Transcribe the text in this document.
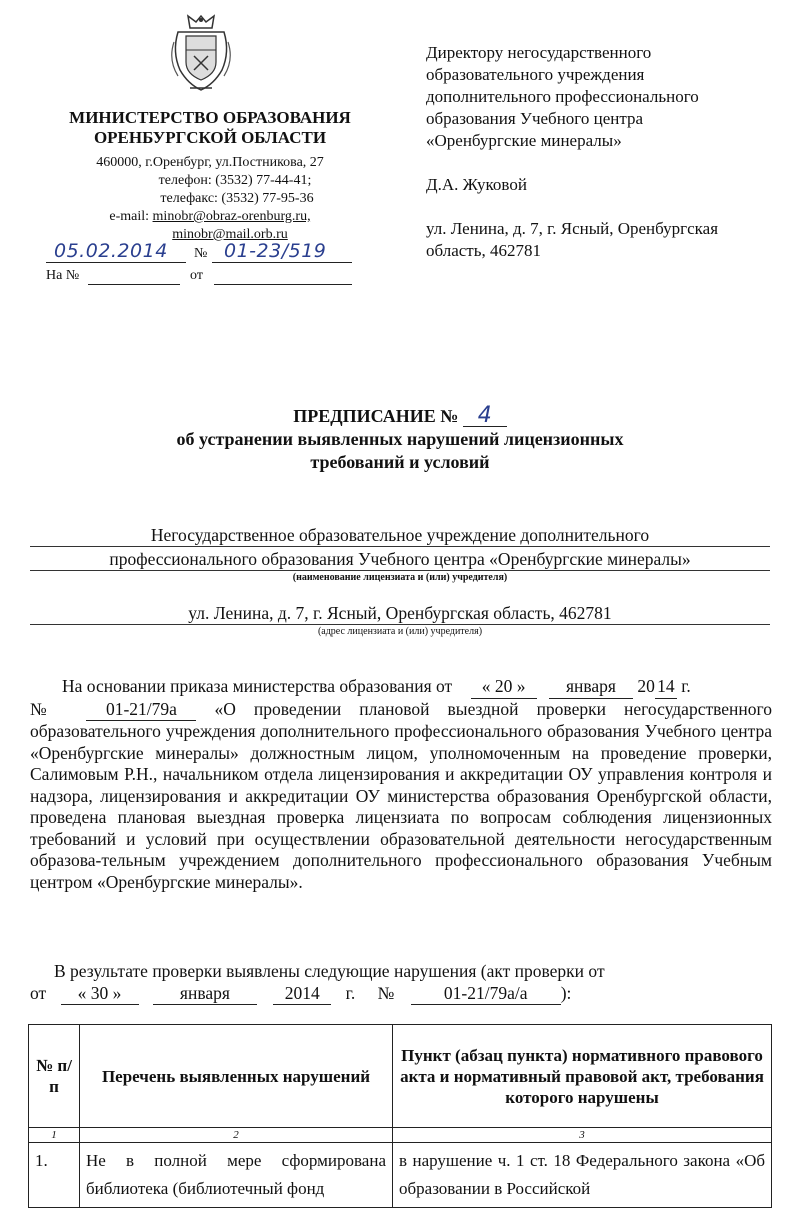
МИНИСТЕРСТВО ОБРАЗОВАНИЯ
ОРЕНБУРГСКОЙ ОБЛАСТИ
460000, г.Оренбург, ул.Постникова, 27
телефон: (3532) 77-44-41;
телефакс: (3532) 77-95-36
e-mail: minobr@obraz-orenburg.ru,
minobr@mail.orb.ru
05.02.2014 № 01-23/519
На №	от

Директору негосударственного

образовательного учреждения

дополнительного профессионального

образования Учебного центра

«Оренбургские минералы»

Д.А. Жуковой

ул. Ленина, д. 7, г. Ясный, Оренбургская

область, 462781

ПРЕДПИСАНИЕ № 4
об устранении выявленных нарушений лицензионных
требований и условий
Негосударственное образовательное учреждение дополнительного
профессионального образования Учебного центра «Оренбургские минералы»
(наименование лицензиата и (или) учредителя)
ул. Ленина, д. 7, г. Ясный, Оренбургская область, 462781
(адрес лицензиата и (или) учредителя)

На основании приказа министерства образования от « 20 » января 20 14 г.

№	01-21/79а «О проведении плановой выездной проверки негосударственного образовательного учреждения дополнительного профессионального образования Учебного центра «Оренбургские минералы» должностным лицом, уполномоченным на проведение проверки, Салимовым Р.Н., начальником отдела лицензирования и аккредитации ОУ управления контроля и надзора, лицензирования и аккредитации ОУ министерства образования Оренбургской области, проведена плановая выездная проверка лицензиата по вопросам соблюдения лицензионных требований и условий при осуществлении образовательной деятельности негосударственным образова-тельным учреждением дополнительного профессионального образования Учебным центром «Оренбургские минералы».

В результате проверки выявлены следующие нарушения (акт проверки от
от « 30 »	января	2014 г. №	01-21/79а/а ):
№ п/п	Перечень выявленных нарушений	Пункт (абзац пункта) нормативного правового акта и нормативный правовой акт, требования которого нарушены
1	2	3
1.	Не в полной мере сформирована библиотека (библиотечный фонд	в нарушение ч. 1 ст. 18 Федерального закона «Об образовании в Российской
